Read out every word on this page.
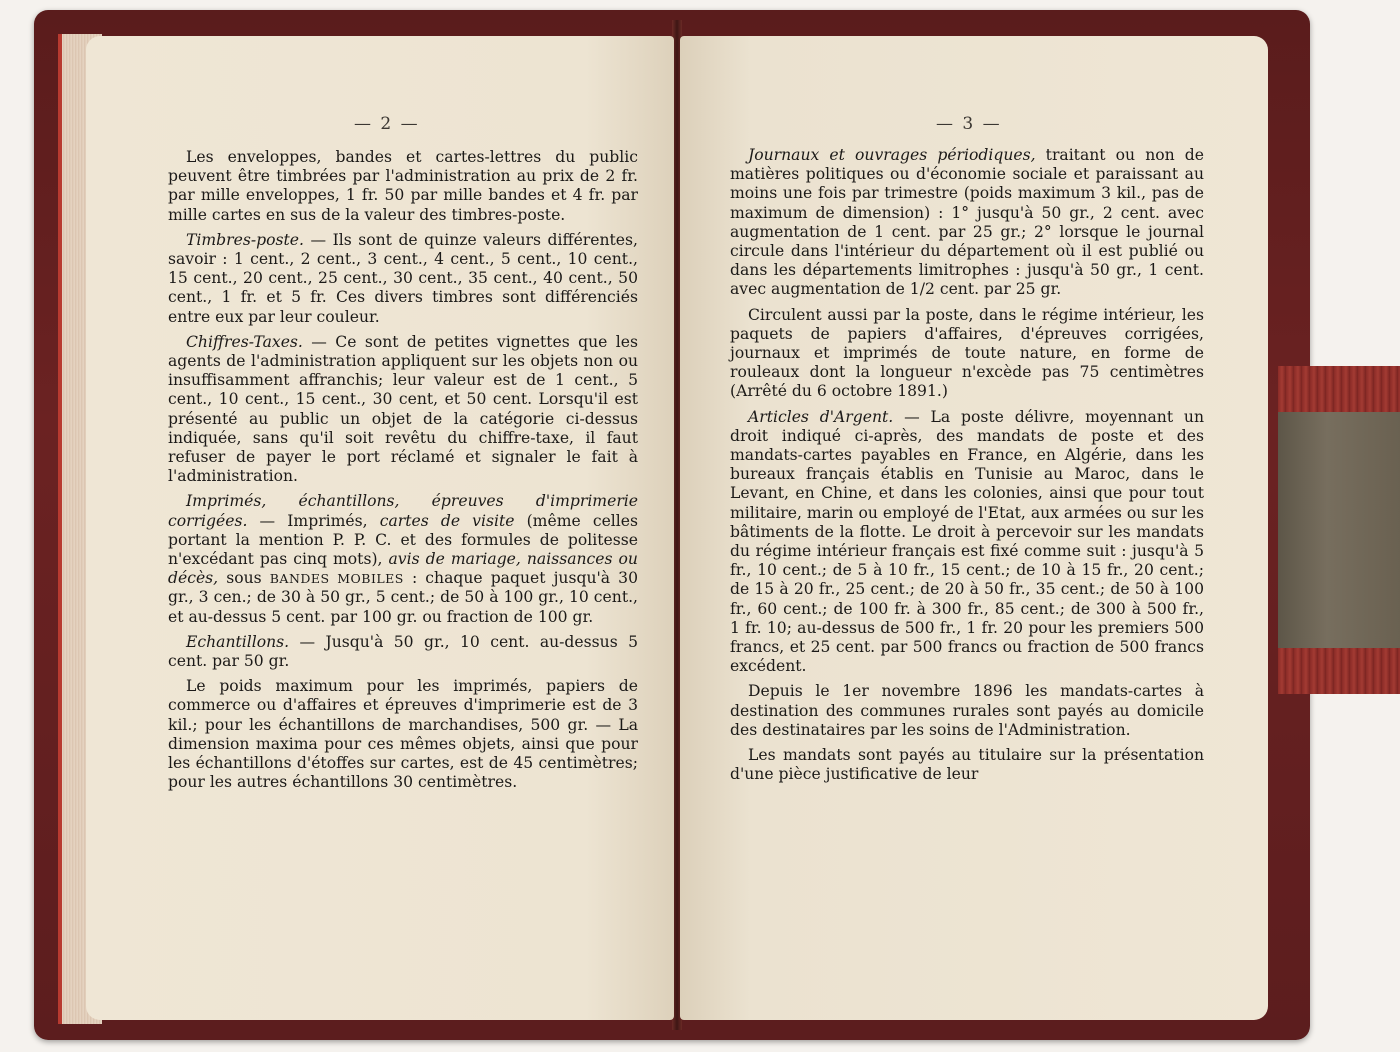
— 2 —

Les enveloppes, bandes et cartes-lettres du public peuvent être timbrées par l'administration au prix de 2 fr. par mille enveloppes, 1 fr. 50 par mille bandes et 4 fr. par mille cartes en sus de la valeur des timbres-poste.

Timbres-poste. — Ils sont de quinze valeurs différentes, savoir : 1 cent., 2 cent., 3 cent., 4 cent., 5 cent., 10 cent., 15 cent., 20 cent., 25 cent., 30 cent., 35 cent., 40 cent., 50 cent., 1 fr. et 5 fr. Ces divers timbres sont différenciés entre eux par leur couleur.

Chiffres-Taxes. — Ce sont de petites vignettes que les agents de l'administration appliquent sur les objets non ou insuffisamment affranchis; leur valeur est de 1 cent., 5 cent., 10 cent., 15 cent., 30 cent, et 50 cent. Lorsqu'il est présenté au public un objet de la catégorie ci-dessus indiquée, sans qu'il soit revêtu du chiffre-taxe, il faut refuser de payer le port réclamé et signaler le fait à l'administration.

Imprimés, échantillons, épreuves d'imprimerie corrigées. — Imprimés, cartes de visite (même celles portant la mention P. P. C. et des formules de politesse n'excédant pas cinq mots), avis de mariage, naissances ou décès, sous BANDES MOBILES : chaque paquet jusqu'à 30 gr., 3 cen.; de 30 à 50 gr., 5 cent.; de 50 à 100 gr., 10 cent., et au-dessus 5 cent. par 100 gr. ou fraction de 100 gr.

Echantillons. — Jusqu'à 50 gr., 10 cent. au-dessus 5 cent. par 50 gr.

Le poids maximum pour les imprimés, papiers de commerce ou d'affaires et épreuves d'imprimerie est de 3 kil.; pour les échantillons de marchandises, 500 gr. — La dimension maxima pour ces mêmes objets, ainsi que pour les échantillons d'étoffes sur cartes, est de 45 centimètres; pour les autres échantillons 30 centimètres.

— 3 —

Journaux et ouvrages périodiques, traitant ou non de matières politiques ou d'économie sociale et paraissant au moins une fois par trimestre (poids maximum 3 kil., pas de maximum de dimension) : 1° jusqu'à 50 gr., 2 cent. avec augmentation de 1 cent. par 25 gr.; 2° lorsque le journal circule dans l'intérieur du département où il est publié ou dans les départements limitrophes : jusqu'à 50 gr., 1 cent. avec augmentation de 1/2 cent. par 25 gr.

Circulent aussi par la poste, dans le régime intérieur, les paquets de papiers d'affaires, d'épreuves corrigées, journaux et imprimés de toute nature, en forme de rouleaux dont la longueur n'excède pas 75 centimètres (Arrêté du 6 octobre 1891.)

Articles d'Argent. — La poste délivre, moyennant un droit indiqué ci-après, des mandats de poste et des mandats-cartes payables en France, en Algérie, dans les bureaux français établis en Tunisie au Maroc, dans le Levant, en Chine, et dans les colonies, ainsi que pour tout militaire, marin ou employé de l'Etat, aux armées ou sur les bâtiments de la flotte. Le droit à percevoir sur les mandats du régime intérieur français est fixé comme suit : jusqu'à 5 fr., 10 cent.; de 5 à 10 fr., 15 cent.; de 10 à 15 fr., 20 cent.; de 15 à 20 fr., 25 cent.; de 20 à 50 fr., 35 cent.; de 50 à 100 fr., 60 cent.; de 100 fr. à 300 fr., 85 cent.; de 300 à 500 fr., 1 fr. 10; au-dessus de 500 fr., 1 fr. 20 pour les premiers 500 francs, et 25 cent. par 500 francs ou fraction de 500 francs excédent.

Depuis le 1er novembre 1896 les mandats-cartes à destination des communes rurales sont payés au domicile des destinataires par les soins de l'Administration.

Les mandats sont payés au titulaire sur la présentation d'une pièce justificative de leur
